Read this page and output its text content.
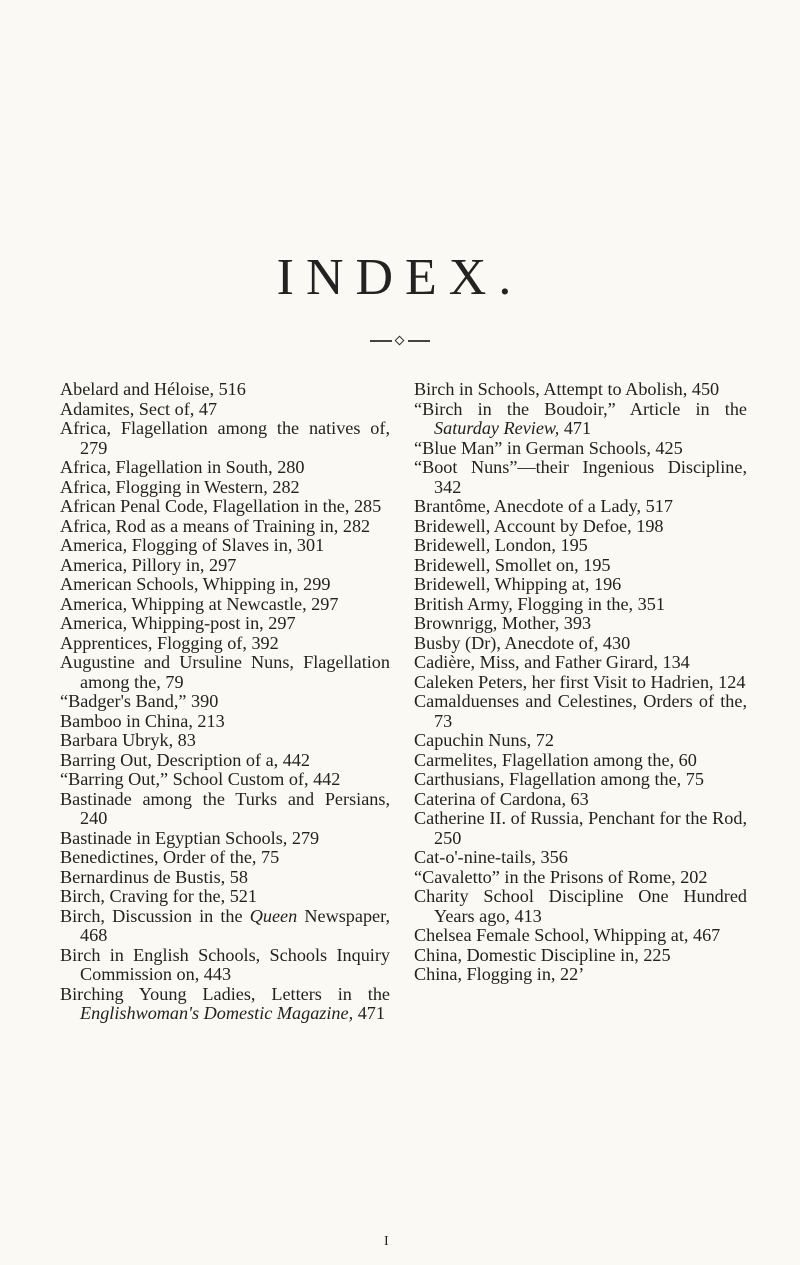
INDEX.

Abelard and Héloise, 516

Adamites, Sect of, 47

Africa, Flagellation among the natives of, 279

Africa, Flagellation in South, 280

Africa, Flogging in Western, 282

African Penal Code, Flagellation in the, 285

Africa, Rod as a means of Training in, 282

America, Flogging of Slaves in, 301

America, Pillory in, 297

American Schools, Whipping in, 299

America, Whipping at Newcastle, 297

America, Whipping-post in, 297

Apprentices, Flogging of, 392

Augustine and Ursuline Nuns, Flagellation among the, 79

“Badger's Band,” 390

Bamboo in China, 213

Barbara Ubryk, 83

Barring Out, Description of a, 442

“Barring Out,” School Custom of, 442

Bastinade among the Turks and Persians, 240

Bastinade in Egyptian Schools, 279

Benedictines, Order of the, 75

Bernardinus de Bustis, 58

Birch, Craving for the, 521

Birch, Discussion in the Queen Newspaper, 468

Birch in English Schools, Schools Inquiry Commission on, 443

Birching Young Ladies, Letters in the Englishwoman's Domestic Magazine, 471

Birch in Schools, Attempt to Abolish, 450

“Birch in the Boudoir,” Article in the Saturday Review, 471

“Blue Man” in German Schools, 425

“Boot Nuns”—their Ingenious Discipline, 342

Brantôme, Anecdote of a Lady, 517

Bridewell, Account by Defoe, 198

Bridewell, London, 195

Bridewell, Smollet on, 195

Bridewell, Whipping at, 196

British Army, Flogging in the, 351

Brownrigg, Mother, 393

Busby (Dr), Anecdote of, 430

Cadière, Miss, and Father Girard, 134

Caleken Peters, her first Visit to Hadrien, 124

Camalduenses and Celestines, Orders of the, 73

Capuchin Nuns, 72

Carmelites, Flagellation among the, 60

Carthusians, Flagellation among the, 75

Caterina of Cardona, 63

Catherine II. of Russia, Penchant for the Rod, 250

Cat-o'-nine-tails, 356

“Cavaletto” in the Prisons of Rome, 202

Charity School Discipline One Hundred Years ago, 413

Chelsea Female School, Whipping at, 467

China, Domestic Discipline in, 225

China, Flogging in, 22’

I
